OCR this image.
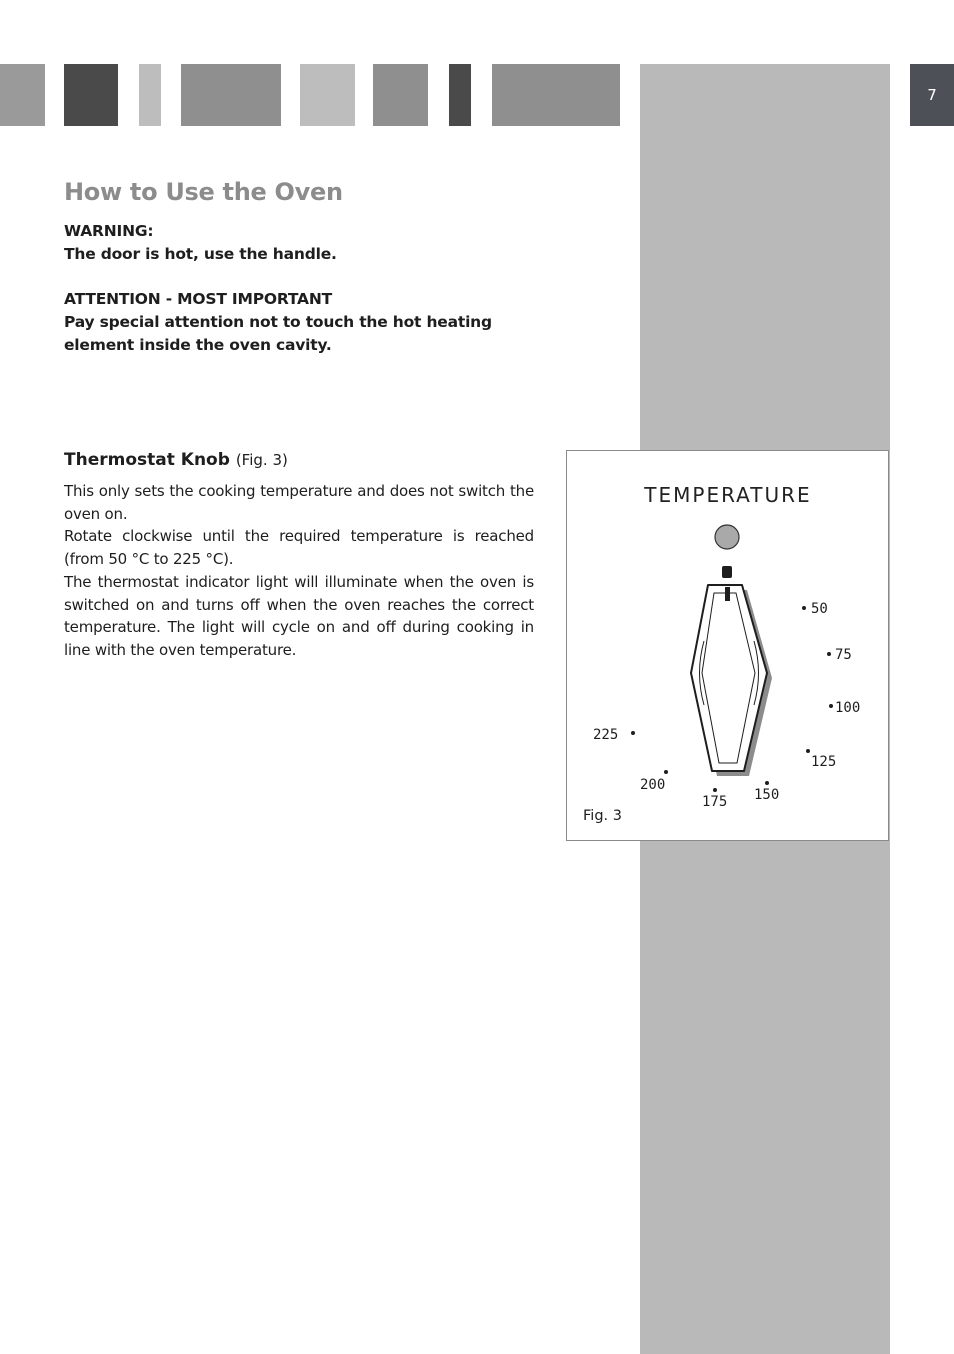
7
How to Use the Oven

WARNING:

The door is hot, use the handle.

ATTENTION - MOST IMPORTANT

Pay special attention not to touch the hot heating element inside the oven cavity.

Thermostat Knob (Fig. 3)

This only sets the cooking temperature and does not switch the oven on.

Rotate clockwise until the required temperature is reached (from 50 °C to 225 °C).

The thermostat indicator light will illuminate when the oven is switched on and turns off when the oven reaches the correct temperature. The light will cycle on and off during cooking in line with the oven temperature.

TEMPERATURE
50
75
100
125
150
175
200
225

Fig. 3
